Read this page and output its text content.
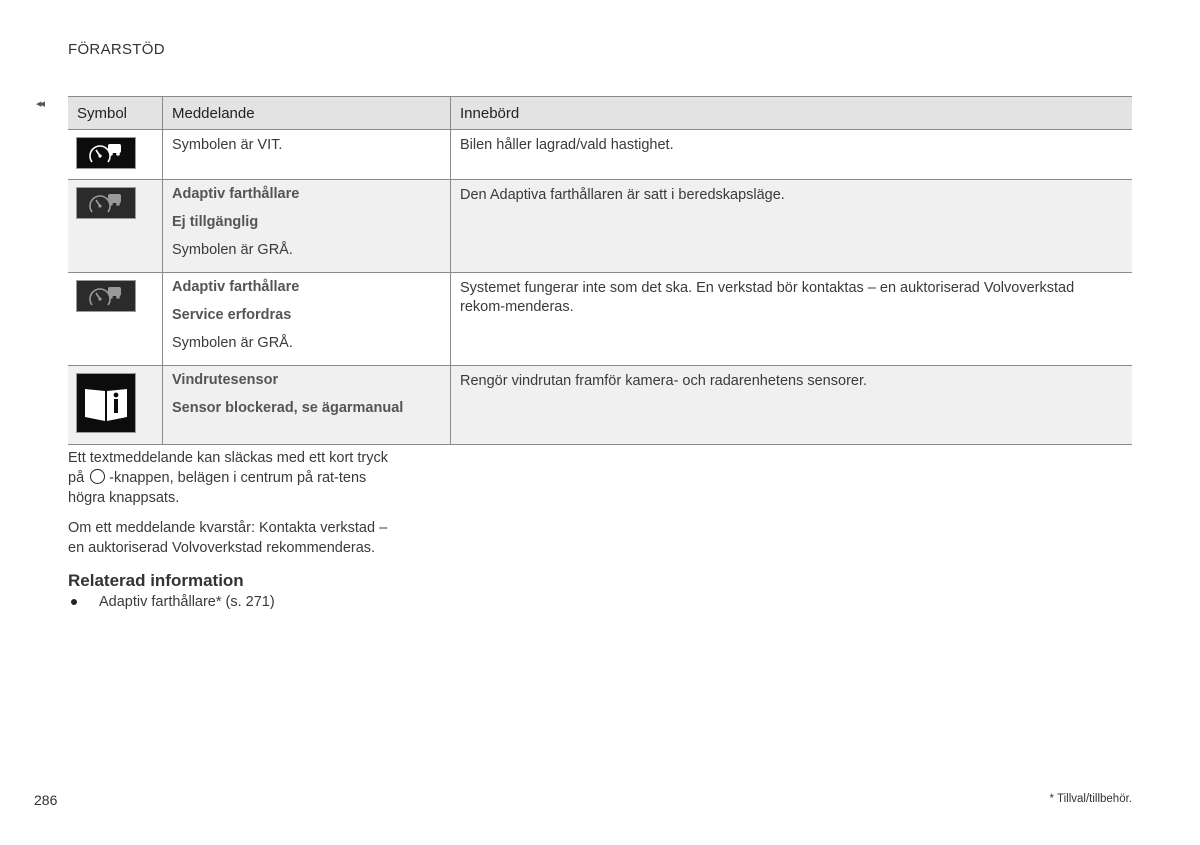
FÖRARSTÖD
◂◂
Symbol	Meddelande	Innebörd

Symbolen är VIT.	Bilen håller lagrad/vald hastighet.

Adaptiv farthållare
Ej tillgänglig
Symbolen är GRÅ.	Den Adaptiva farthållaren är satt i beredskapsläge.

Adaptiv farthållare
Service erfordras
Symbolen är GRÅ.	Systemet fungerar inte som det ska. En verkstad bör kontaktas – en auktoriserad Volvoverkstad rekom-menderas.

Vindrutesensor
Sensor blockerad, se ägarmanual	Rengör vindrutan framför kamera- och radarenhetens sensorer.
Ett textmeddelande kan släckas med ett kort tryck på -knappen, belägen i centrum på rat-tens högra knappsats.
Om ett meddelande kvarstår: Kontakta verkstad – en auktoriserad Volvoverkstad rekommenderas.
Relaterad information
Adaptiv farthållare* (s. 271)
286	* Tillval/tillbehör.
